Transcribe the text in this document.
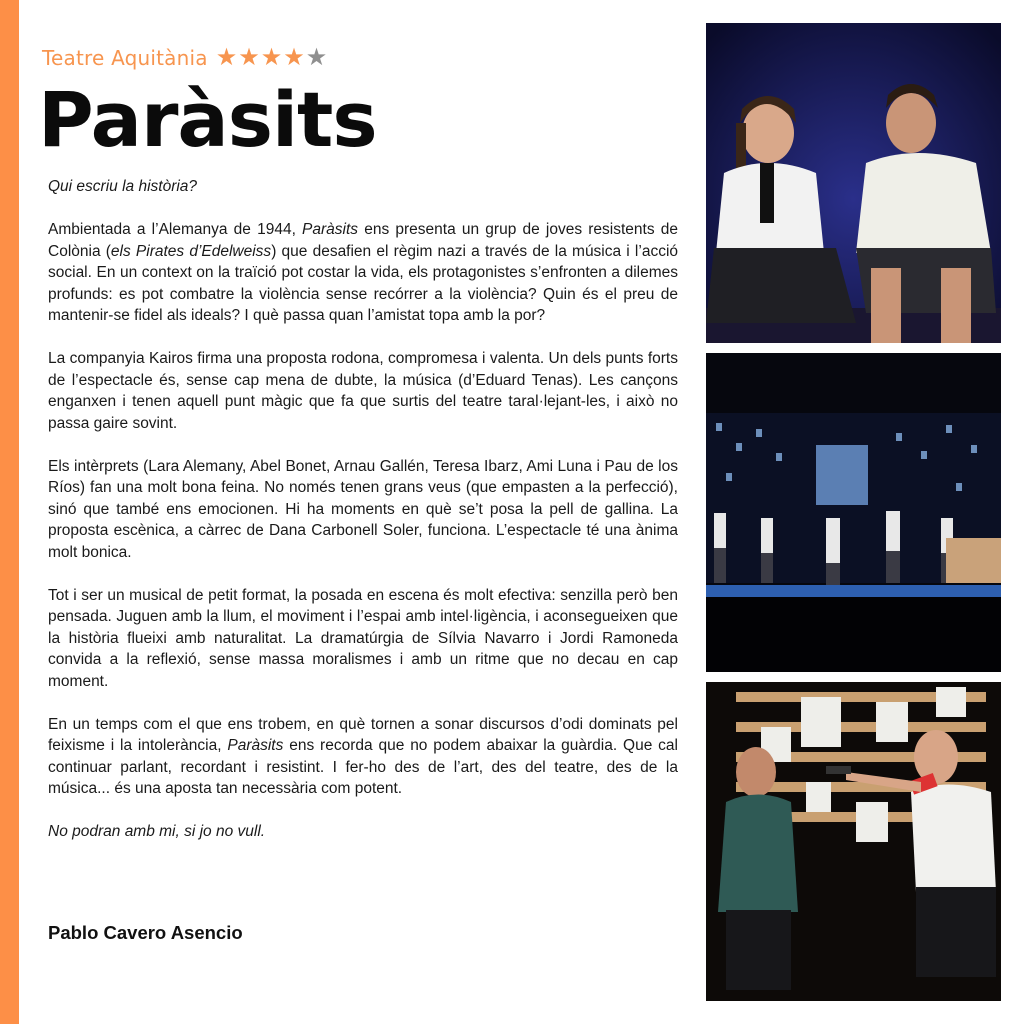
Teatre Aquitània ★ ★ ★ ★ ★
Paràsits

Qui escriu la història?

Ambientada a l’Alemanya de 1944, Paràsits ens presenta un grup de joves resistents de Colònia (els Pirates d’Edelweiss) que desafien el règim nazi a través de la música i l’acció social. En un context on la traïció pot costar la vida, els protagonistes s’enfronten a dilemes profunds: es pot combatre la violència sense recórrer a la violència? Quin és el preu de mantenir-se fidel als ideals? I què passa quan l’amistat topa amb la por?

La companyia Kairos firma una proposta rodona, compromesa i valenta. Un dels punts forts de l’espectacle és, sense cap mena de dubte, la música (d’Eduard Tenas). Les cançons enganxen i tenen aquell punt màgic que fa que surtis del teatre taral·lejant-les, i això no passa gaire sovint.

Els intèrprets (Lara Alemany, Abel Bonet, Arnau Gallén, Teresa Ibarz, Ami Luna i Pau de los Ríos) fan una molt bona feina. No només tenen grans veus (que empasten a la perfecció), sinó que també ens emocionen. Hi ha moments en què se’t posa la pell de gallina. La proposta escènica, a càrrec de Dana Carbonell Soler, funciona. L’espectacle té una ànima molt bonica.

Tot i ser un musical de petit format, la posada en escena és molt efectiva: senzilla però ben pensada. Juguen amb la llum, el moviment i l’espai amb intel·ligència, i aconsegueixen que la història flueixi amb naturalitat. La dramatúrgia de Sílvia Navarro i Jordi Ramoneda convida a la reflexió, sense massa moralismes i amb un ritme que no decau en cap moment.

En un temps com el que ens trobem, en què tornen a sonar discursos d’odi dominats pel feixisme i la intolerància, Paràsits ens recorda que no podem abaixar la guàrdia. Que cal continuar parlant, recordant i resistint. I fer-ho des de l’art, des del teatre, des de la música... és una aposta tan necessària com potent.

No podran amb mi, si jo no vull.

Pablo Cavero Asencio
